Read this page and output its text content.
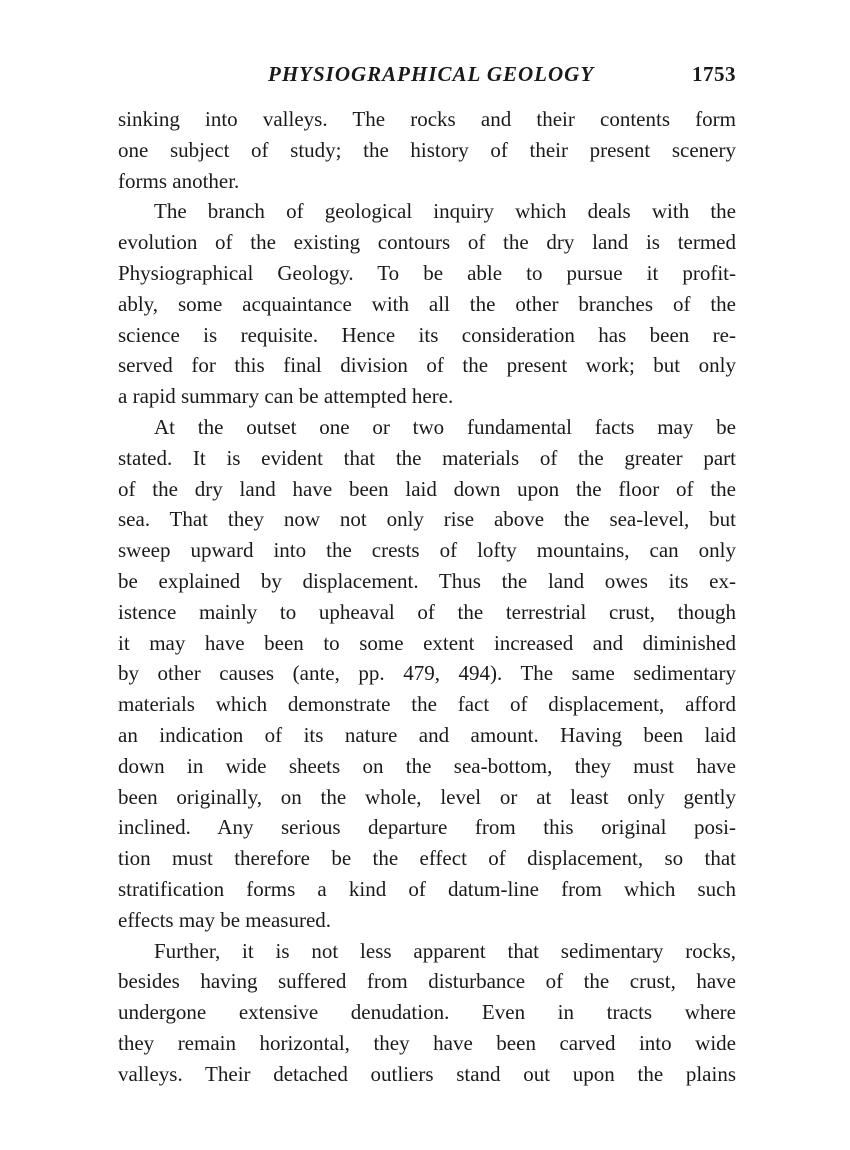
PHYSIOGRAPHICAL GEOLOGY	1753
sinking into valleys. The rocks and their contents form
one subject of study; the history of their present scenery
forms another.
The branch of geological inquiry which deals with the
evolution of the existing contours of the dry land is termed
Physiographical Geology. To be able to pursue it profit-
ably, some acquaintance with all the other branches of the
science is requisite. Hence its consideration has been re-
served for this final division of the present work; but only
a rapid summary can be attempted here.
At the outset one or two fundamental facts may be
stated. It is evident that the materials of the greater part
of the dry land have been laid down upon the floor of the
sea. That they now not only rise above the sea-level, but
sweep upward into the crests of lofty mountains, can only
be explained by displacement. Thus the land owes its ex-
istence mainly to upheaval of the terrestrial crust, though
it may have been to some extent increased and diminished
by other causes (ante, pp. 479, 494). The same sedimentary
materials which demonstrate the fact of displacement, afford
an indication of its nature and amount. Having been laid
down in wide sheets on the sea-bottom, they must have
been originally, on the whole, level or at least only gently
inclined. Any serious departure from this original posi-
tion must therefore be the effect of displacement, so that
stratification forms a kind of datum-line from which such
effects may be measured.
Further, it is not less apparent that sedimentary rocks,
besides having suffered from disturbance of the crust, have
undergone extensive denudation. Even in tracts where
they remain horizontal, they have been carved into wide
valleys. Their detached outliers stand out upon the plains
